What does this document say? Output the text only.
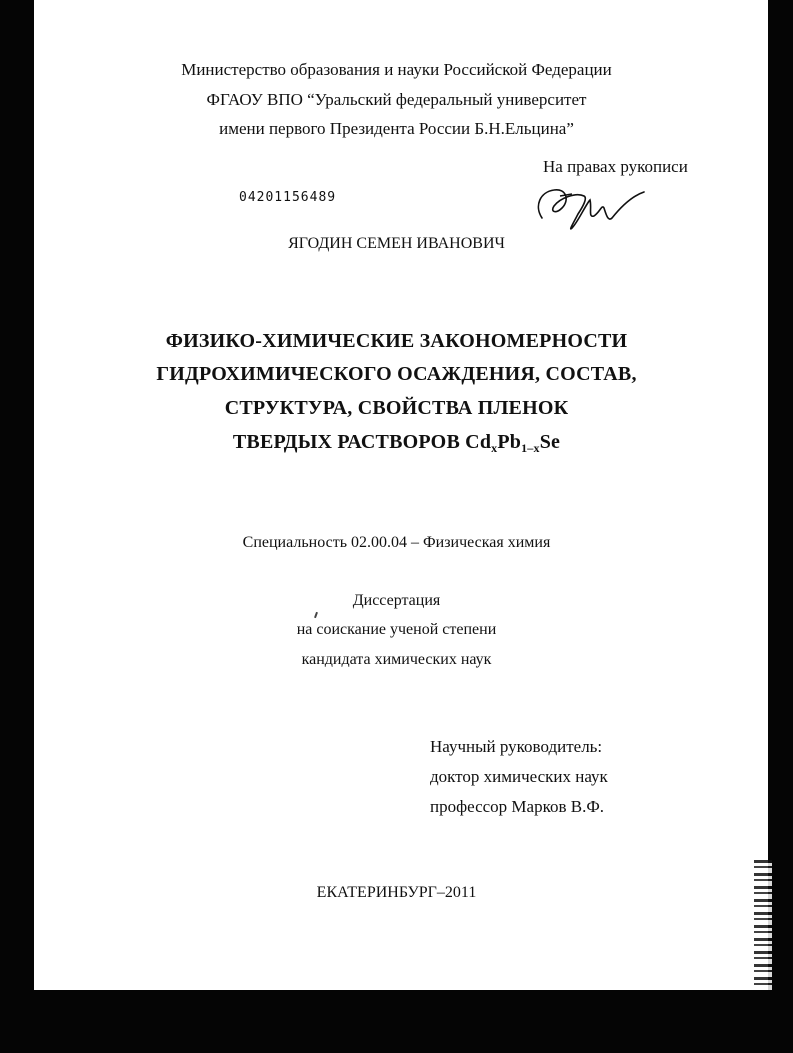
Министерство образования и науки Российской Федерации
ФГАОУ ВПО “Уральский федеральный университет
имени первого Президента России Б.Н.Ельцина”
На правах рукописи
04201156489
ЯГОДИН СЕМЕН ИВАНОВИЧ
ФИЗИКО-ХИМИЧЕСКИЕ ЗАКОНОМЕРНОСТИ
ГИДРОХИМИЧЕСКОГО ОСАЖДЕНИЯ, СОСТАВ,
СТРУКТУРА, СВОЙСТВА ПЛЕНОК
ТВЕРДЫХ РАСТВОРОВ $Cd_xPb_{1-x}Se$
Специальность 02.00.04 – Физическая химия
Диссертация
на соискание ученой степени
кандидата химических наук
Научный руководитель:
доктор химических наук
профессор Марков В.Ф.
ЕКАТЕРИНБУРГ–2011
